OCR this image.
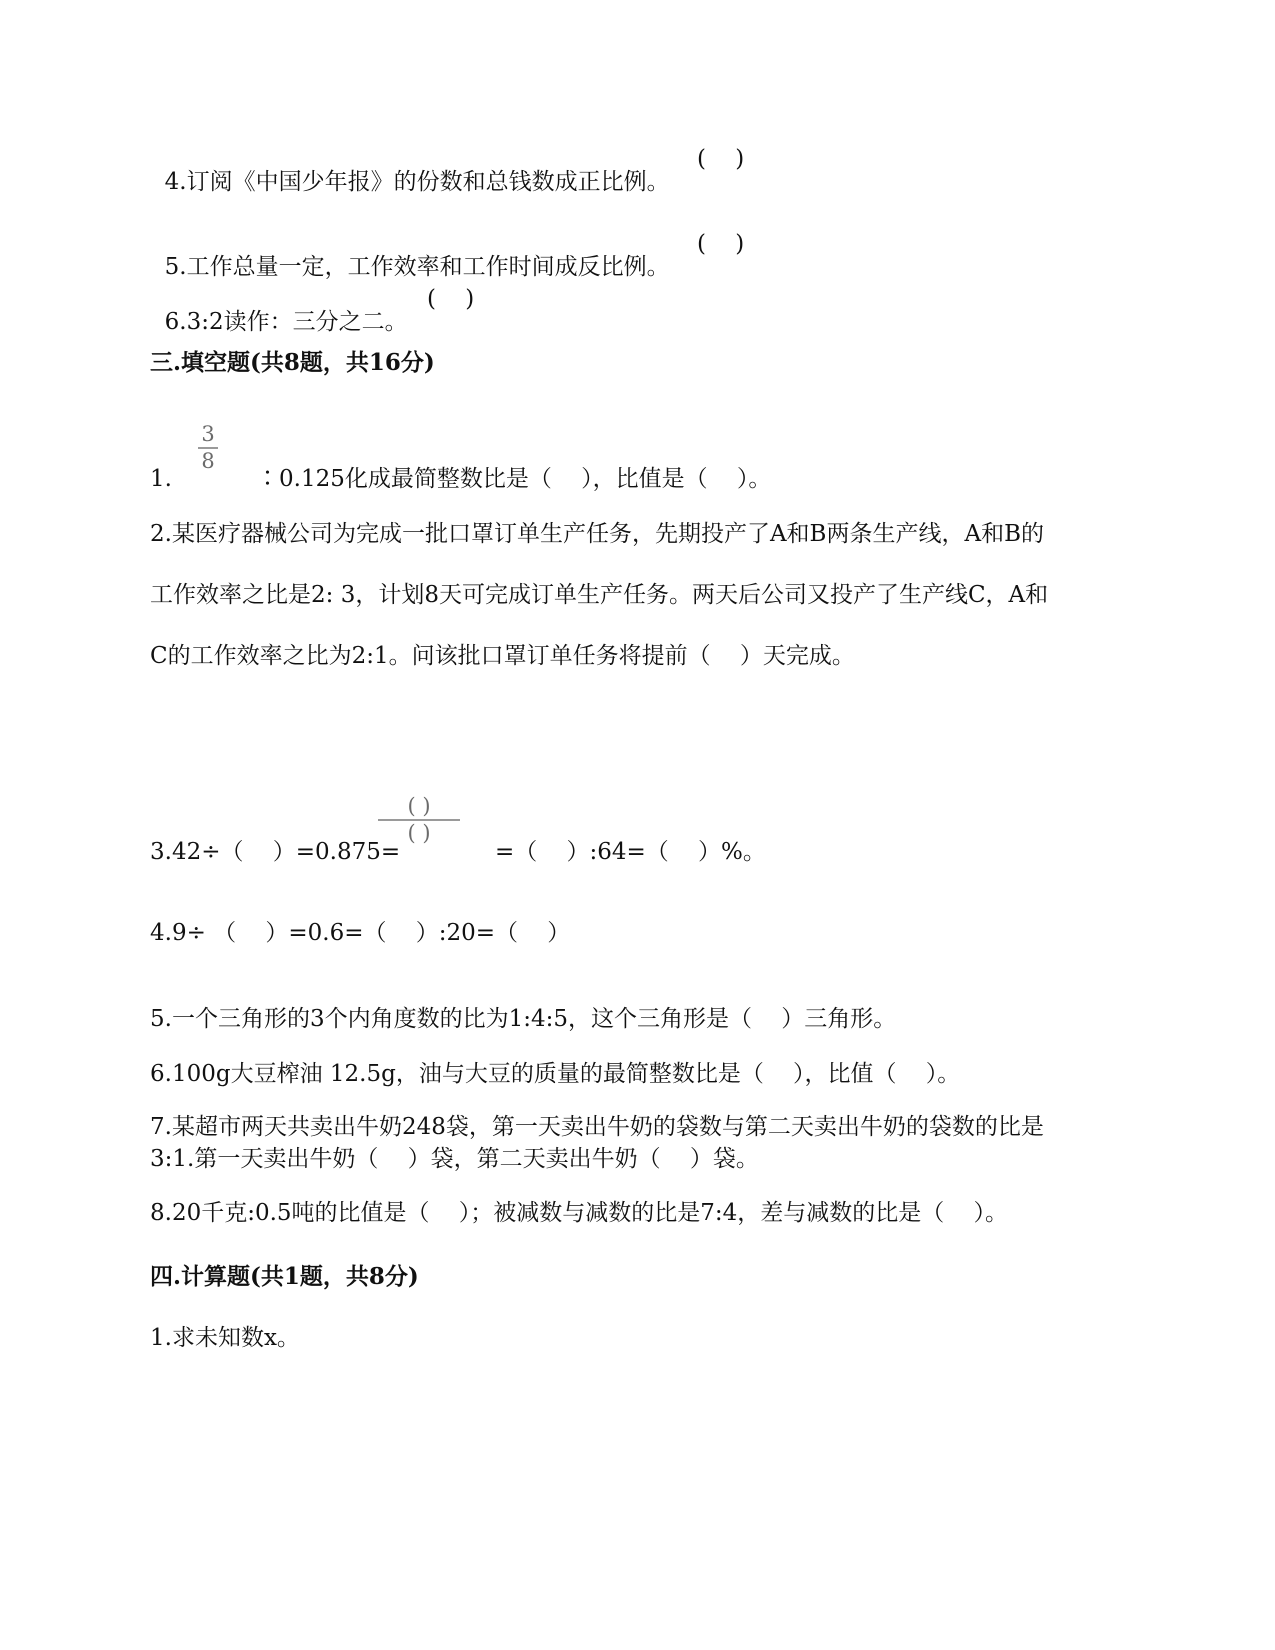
4.订阅《中国少年报》的份数和总钱数成正比例。

(    )

5.工作总量一定，工作效率和工作时间成反比例。

(    )

6.3:2读作：三分之二。

(    )
三.填空题(共8题，共16分)
3
8
1.	∶0.125化成最简整数比是（    ），比值是（    ）。
2.某医疗器械公司为完成一批口罩订单生产任务，先期投产了A和B两条生产线，A和B的
工作效率之比是2: 3，计划8天可完成订单生产任务。两天后公司又投产了生产线C，A和
C的工作效率之比为2:1。问该批口罩订单任务将提前（    ）天完成。
3.42÷（    ）=0.875=
( )
( )
=（    ）:64=（    ）%。
4.9÷ （    ）=0.6=（    ）:20=（    ）
5.一个三角形的3个内角度数的比为1:4:5，这个三角形是（    ）三角形。
6.100g大豆榨油 12.5g，油与大豆的质量的最简整数比是（    ），比值（    ）。
7.某超市两天共卖出牛奶248袋，第一天卖出牛奶的袋数与第二天卖出牛奶的袋数的比是
3:1.第一天卖出牛奶（    ）袋，第二天卖出牛奶（    ）袋。
8.20千克:0.5吨的比值是（    ）；被减数与减数的比是7:4，差与减数的比是（    ）。
四.计算题(共1题，共8分)
1.求未知数x。
